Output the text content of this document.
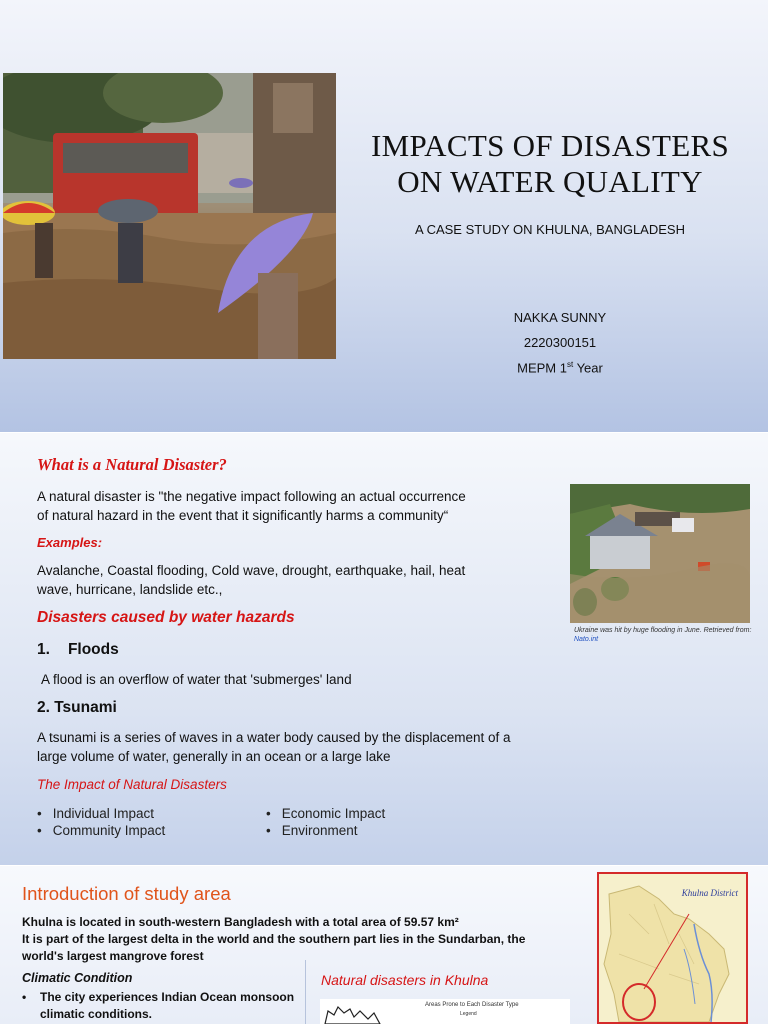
IMPACTS OF DISASTERS
ON WATER QUALITY
A CASE STUDY ON KHULNA, BANGLADESH
NAKKA SUNNY
2220300151
MEPM 1st Year
What is a Natural Disaster?
A natural disaster is "the negative impact following an actual occurrence
of natural hazard in the event that it significantly harms a community“
Examples:
Avalanche, Coastal flooding, Cold wave, drought, earthquake, hail, heat
wave, hurricane, landslide etc.,
Disasters caused by water hazards
1. Floods
A flood is an overflow of water that 'submerges' land
2. Tsunami
A tsunami is a series of waves in a water body caused by the displacement of a
large volume of water, generally in an ocean or a large lake
The Impact of Natural Disasters
• Individual Impact
• Community Impact
• Economic Impact
• Environment
Ukraine was hit by huge flooding in June. Retrieved from:
Nato.int
Introduction of study area
Khulna is located in south-western Bangladesh with a total area of 59.57 km²
It is part of the largest delta in the world and the southern part lies in the Sundarban, the
world's largest mangrove forest
Climatic Condition
• The city experiences Indian Ocean monsoon
climatic conditions.
Natural disasters in Khulna
Areas Prone to Each Disaster Type
Legend
Khulna District
